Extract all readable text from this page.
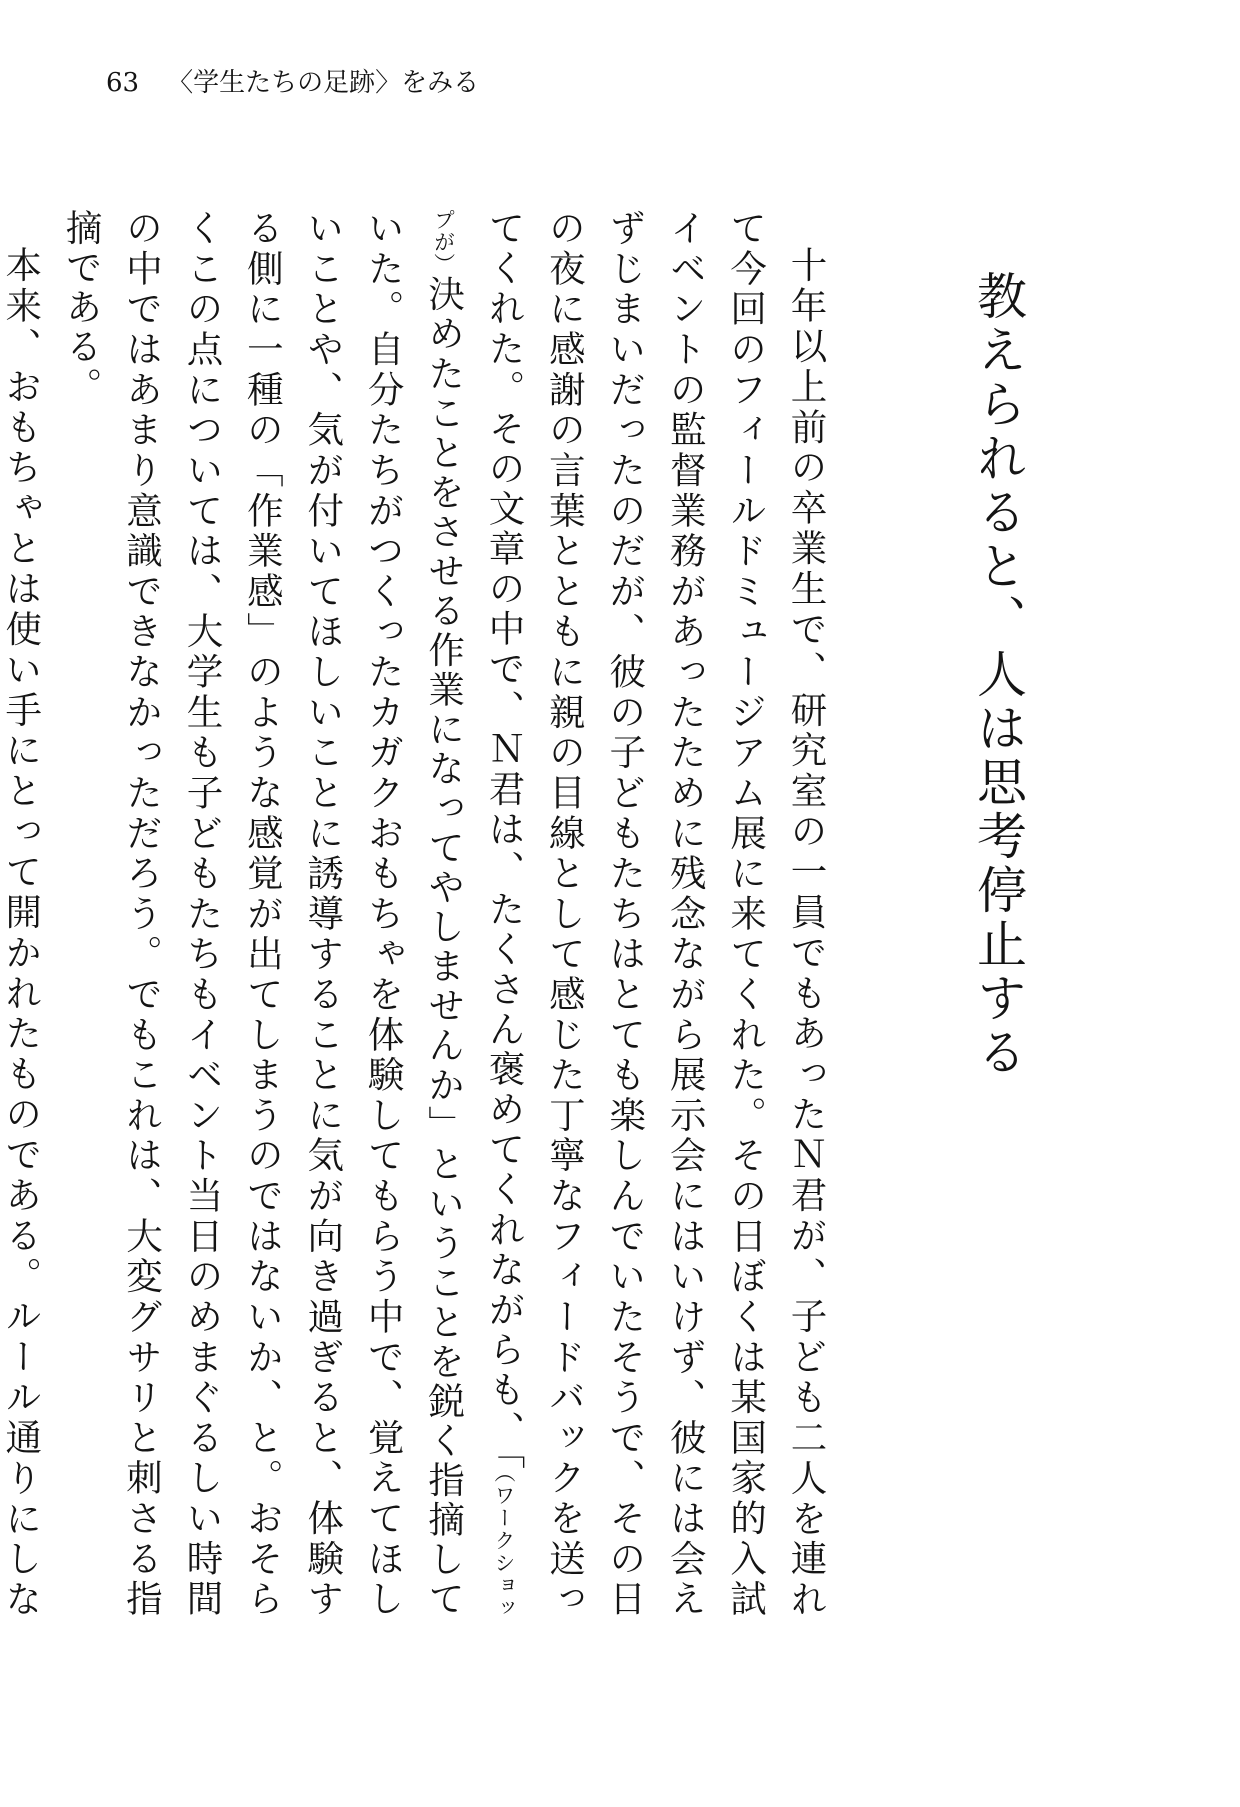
63 〈学生たちの足跡〉をみる
教えられると、人は思考停止する

十年以上前の卒業生で、研究室の一員でもあったＮ君が、子ども二人を連れて今回のフィールドミュージアム展に来てくれた。その日ぼくは某国家的入試イベントの監督業務があったために残念ながら展示会にはいけず、彼には会えずじまいだったのだが、彼の子どもたちはとても楽しんでいたそうで、その日の夜に感謝の言葉とともに親の目線として感じた丁寧なフィードバックを送ってくれた。その文章の中で、Ｎ君は、たくさん褒めてくれながらも、「（ワークショップが）決めたことをさせる作業になってやしませんか」ということを鋭く指摘していた。自分たちがつくったカガクおもちゃを体験してもらう中で、覚えてほしいことや、気が付いてほしいことに誘導することに気が向き過ぎると、体験する側に一種の「作業感」のような感覚が出てしまうのではないか、と。おそらくこの点については、大学生も子どもたちもイベント当日のめまぐるしい時間の中ではあまり意識できなかっただろう。でもこれは、大変グサリと刺さる指摘である。

本来、おもちゃとは使い手にとって開かれたものである。ルール通りにしな
